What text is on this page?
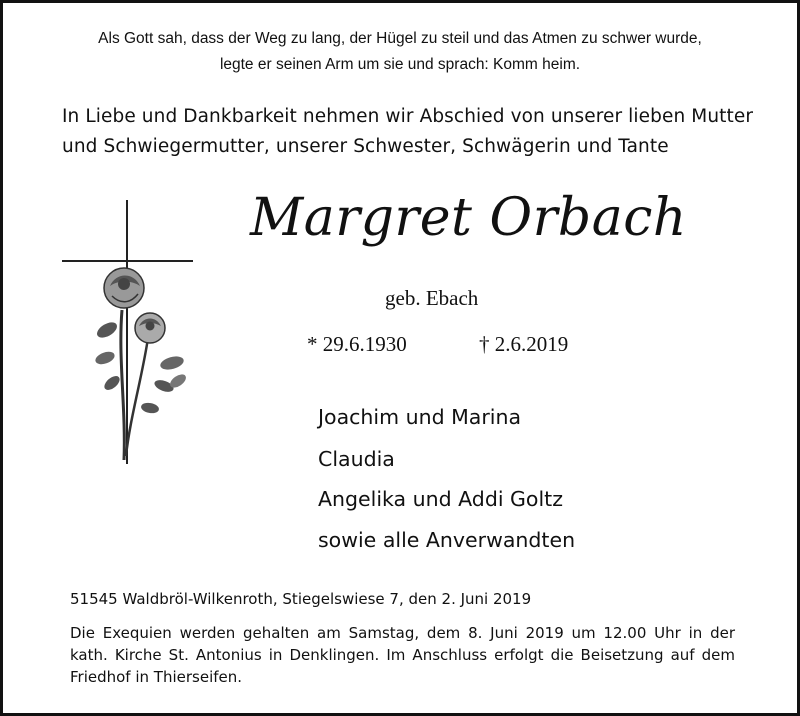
Als Gott sah, dass der Weg zu lang, der Hügel zu steil und das Atmen zu schwer wurde,
legte er seinen Arm um sie und sprach: Komm heim.
In Liebe und Dankbarkeit nehmen wir Abschied von unserer lieben Mutter
und Schwiegermutter, unserer Schwester, Schwägerin und Tante
Margret Orbach
geb. Ebach
* 29.6.1930	† 2.6.2019
Joachim und Marina
Claudia
Angelika und Addi Goltz
sowie alle Anverwandten
51545 Waldbröl-Wilkenroth, Stiegelswiese 7, den 2. Juni 2019
Die Exequien werden gehalten am Samstag, dem 8. Juni 2019 um 12.00 Uhr in der kath. Kirche St. Antonius in Denklingen. Im Anschluss erfolgt die Beisetzung auf dem Friedhof in Thierseifen.
